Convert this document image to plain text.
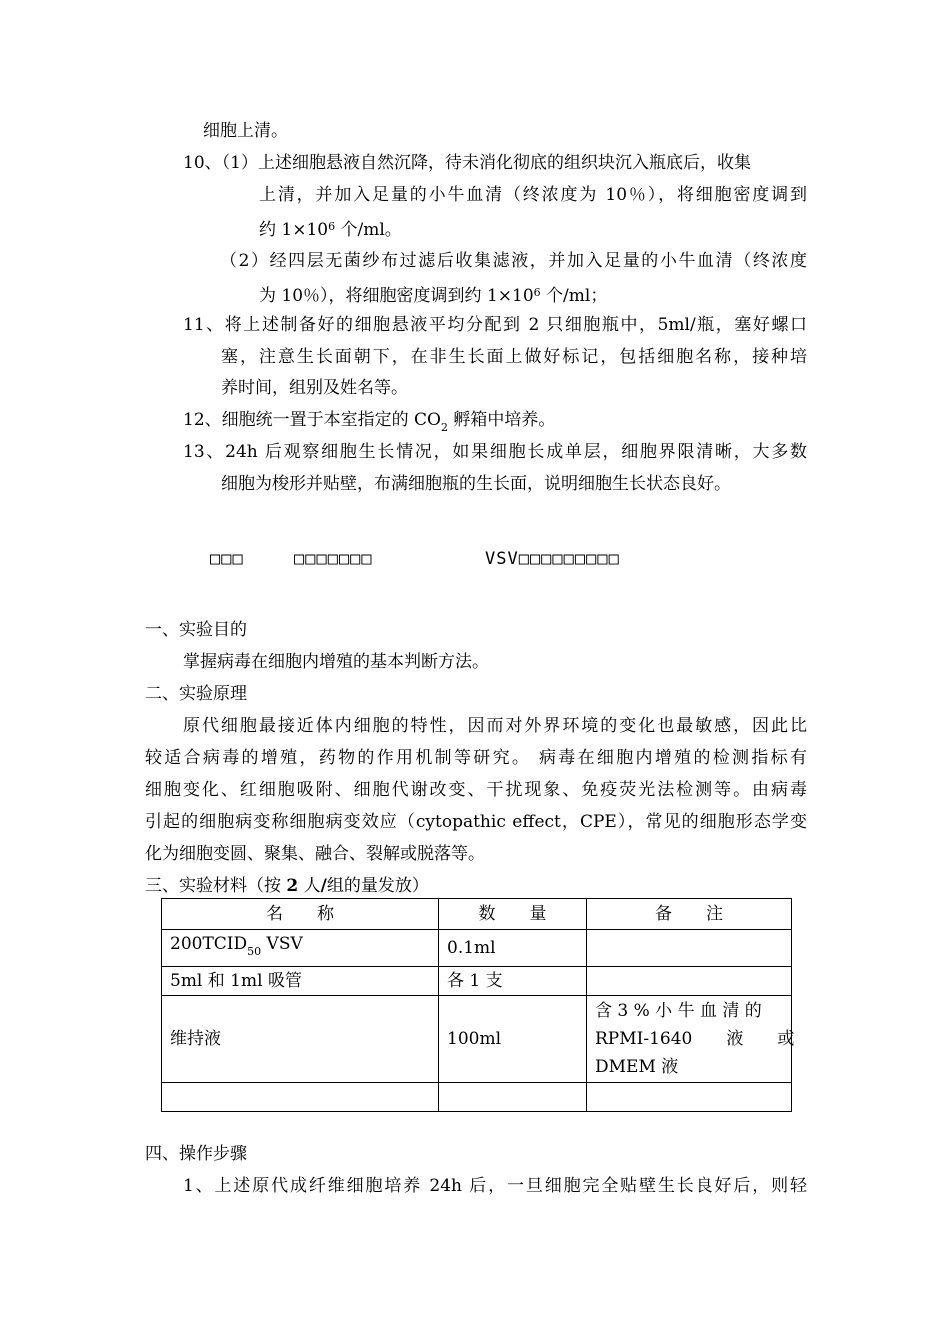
细胞上清。
10、（1）上述细胞悬液自然沉降，待未消化彻底的组织块沉入瓶底后，收集
上清，并加入足量的小牛血清（终浓度为 10％），将细胞密度调到
约 $1\times 10^6$ 个/ml。
（2）经四层无菌纱布过滤后收集滤液，并加入足量的小牛血清（终浓度
为 10％），将细胞密度调到约 $1\times 10^6$ 个/ml；
11、将上述制备好的细胞悬液平均分配到 2 只细胞瓶中，5ml/瓶，塞好螺口
塞，注意生长面朝下，在非生长面上做好标记，包括细胞名称，接种培
养时间，组别及姓名等。
12、细胞统一置于本室指定的 $CO_2$ 孵箱中培养。
13、24h 后观察细胞生长情况，如果细胞长成单层，细胞界限清晰，大多数
细胞为梭形并贴壁，布满细胞瓶的生长面，说明细胞生长状态良好。
□□□	□□□□□□□	VSV□□□□□□□□□
一、实验目的
掌握病毒在细胞内增殖的基本判断方法。
二、实验原理
原代细胞最接近体内细胞的特性，因而对外界环境的变化也最敏感，因此比
较适合病毒的增殖，药物的作用机制等研究。 病毒在细胞内增殖的检测指标有
细胞变化、红细胞吸附、细胞代谢改变、干扰现象、免疫荧光法检测等。由病毒
引起的细胞病变称细胞病变效应（cytopathic effect，CPE），常见的细胞形态学变
化为细胞变圆、聚集、融合、裂解或脱落等。
三、实验材料（按 2 人/组的量发放）
名　　称	数　　量	备　　注
$200TCID_{50}$ VSV	0.1ml	
5ml 和 1ml 吸管	各 1 支	
维持液	100ml	含 3 % 小 牛 血 清 的
RPMI-1640　　液　　或
DMEM 液

四、操作步骤
1、上述原代成纤维细胞培养 24h 后，一旦细胞完全贴壁生长良好后，则轻
